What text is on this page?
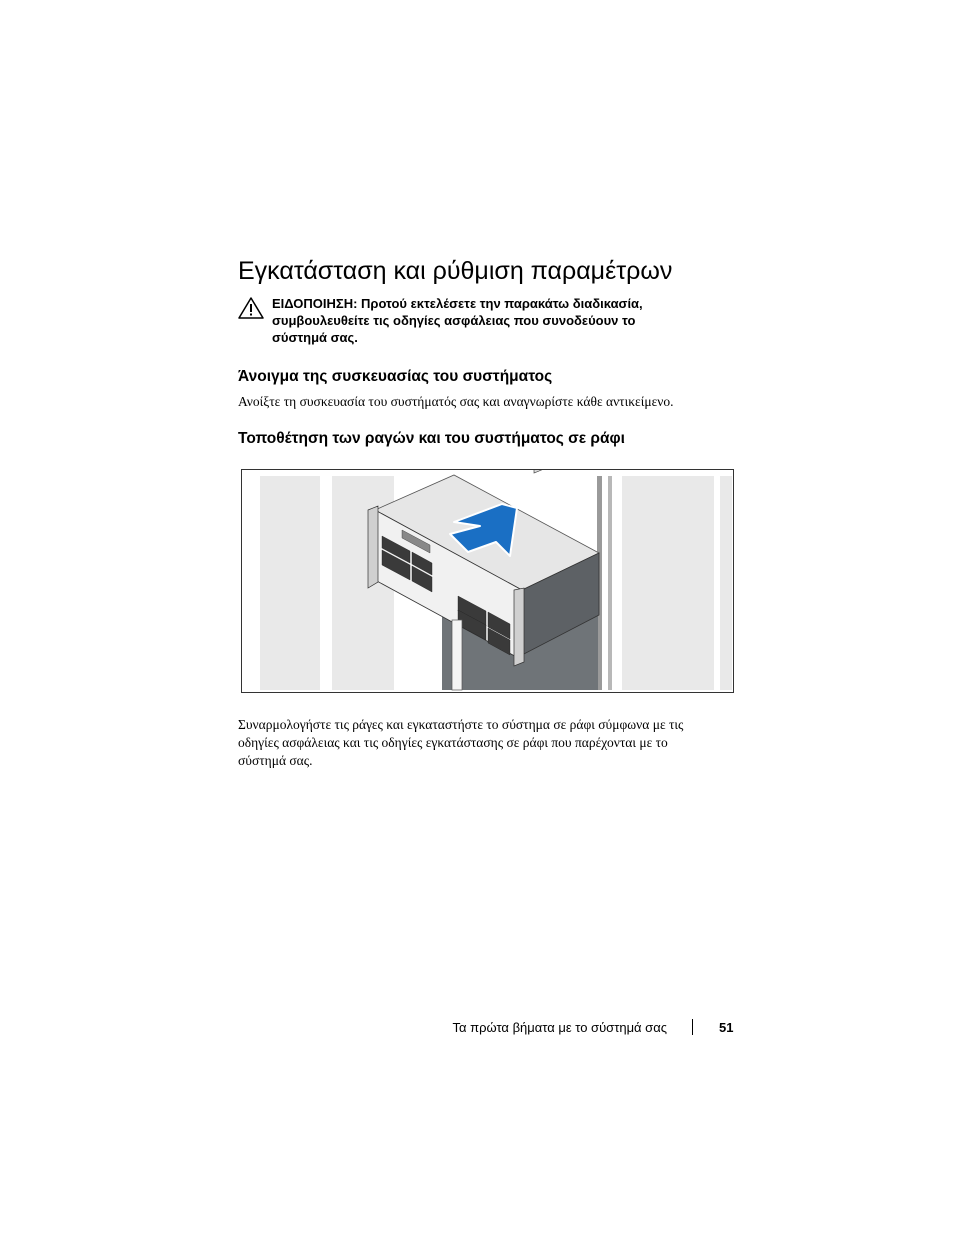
Εγκατάσταση και ρύθμιση παραμέτρων
ΕΙΔΟΠΟΙΗΣΗ: Προτού εκτελέσετε την παρακάτω διαδικασία,
συμβουλευθείτε τις οδηγίες ασφάλειας που συνοδεύουν το
σύστημά σας.
Άνοιγμα της συσκευασίας του συστήματος
Ανοίξτε τη συσκευασία του συστήματός σας και αναγνωρίστε κάθε αντικείμενο.
Τοποθέτηση των ραγών και του συστήματος σε ράφι
Συναρμολογήστε τις ράγες και εγκαταστήστε το σύστημα σε ράφι σύμφωνα με τις
οδηγίες ασφάλειας και τις οδηγίες εγκατάστασης σε ράφι που παρέχονται με το
σύστημά σας.
Τα πρώτα βήματα με το σύστημά σας	51
